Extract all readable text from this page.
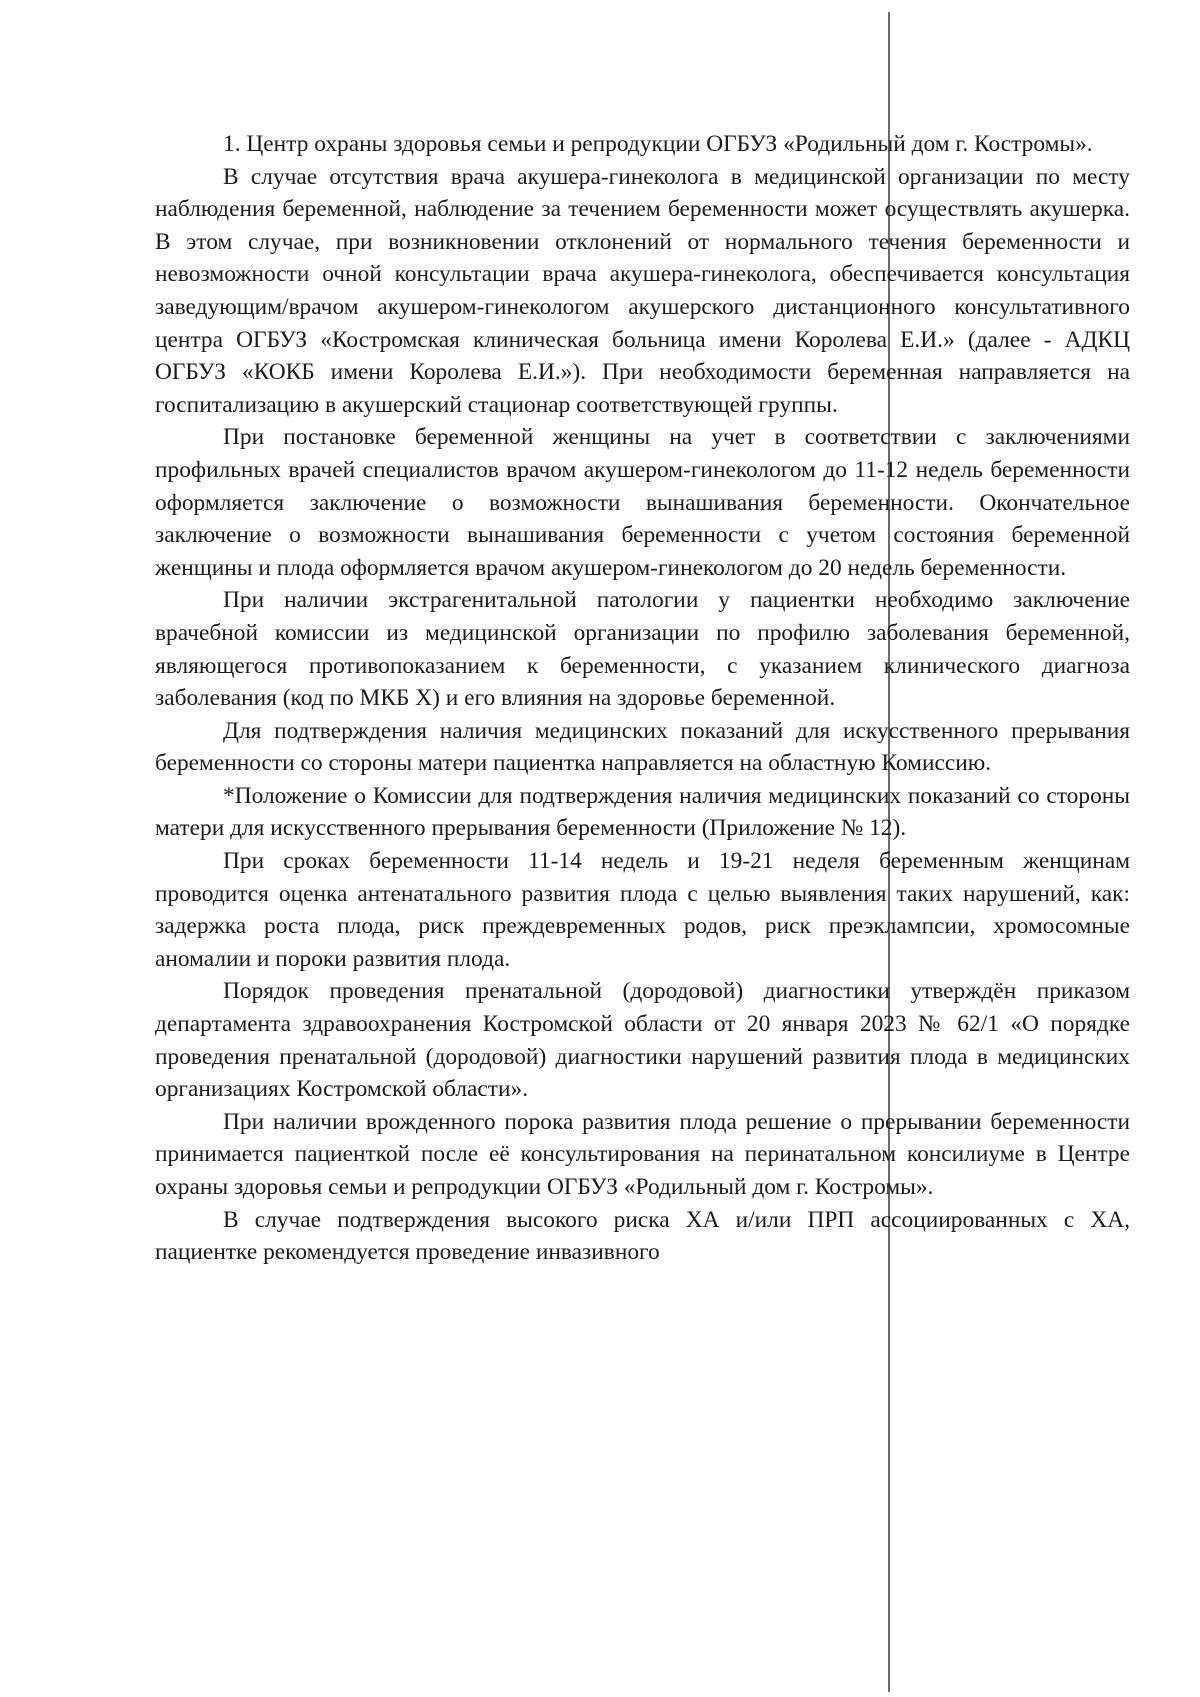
1. Центр охраны здоровья семьи и репродукции ОГБУЗ «Родильный дом г. Костромы».

В случае отсутствия врача акушера-гинеколога в медицинской организации по месту наблюдения беременной, наблюдение за течением беременности может осуществлять акушерка. В этом случае, при возникновении отклонений от нормального течения беременности и невозможности очной консультации врача акушера-гинеколога, обеспечивается консультация заведующим/врачом акушером-гинекологом акушерского дистанционного консультативного центра ОГБУЗ «Костромская клиническая больница имени Королева Е.И.» (далее - АДКЦ ОГБУЗ «КОКБ имени Королева Е.И.»). При необходимости беременная направляется на госпитализацию в акушерский стационар соответствующей группы.

При постановке беременной женщины на учет в соответствии с заключениями профильных врачей специалистов врачом акушером-гинекологом до 11-12 недель беременности оформляется заключение о возможности вынашивания беременности. Окончательное заключение о возможности вынашивания беременности с учетом состояния беременной женщины и плода оформляется врачом акушером-гинекологом до 20 недель беременности.

При наличии экстрагенитальной патологии у пациентки необходимо заключение врачебной комиссии из медицинской организации по профилю заболевания беременной, являющегося противопоказанием к беременности, с указанием клинического диагноза заболевания (код по МКБ X) и его влияния на здоровье беременной.

Для подтверждения наличия медицинских показаний для искусственного прерывания беременности со стороны матери пациентка направляется на областную Комиссию.

*Положение о Комиссии для подтверждения наличия медицинских показаний со стороны матери для искусственного прерывания беременности (Приложение № 12).

При сроках беременности 11-14 недель и 19-21 неделя беременным женщинам проводится оценка антенатального развития плода с целью выявления таких нарушений, как: задержка роста плода, риск преждевременных родов, риск преэклампсии, хромосомные аномалии и пороки развития плода.

Порядок проведения пренатальной (дородовой) диагностики утверждён приказом департамента здравоохранения Костромской области от 20 января 2023 № 62/1 «О порядке проведения пренатальной (дородовой) диагностики нарушений развития плода в медицинских организациях Костромской области».

При наличии врожденного порока развития плода решение о прерывании беременности принимается пациенткой после её консультирования на перинатальном консилиуме в Центре охраны здоровья семьи и репродукции ОГБУЗ «Родильный дом г. Костромы».

В случае подтверждения высокого риска ХА и/или ПРП ассоциированных с ХА, пациентке рекомендуется проведение инвазивного
